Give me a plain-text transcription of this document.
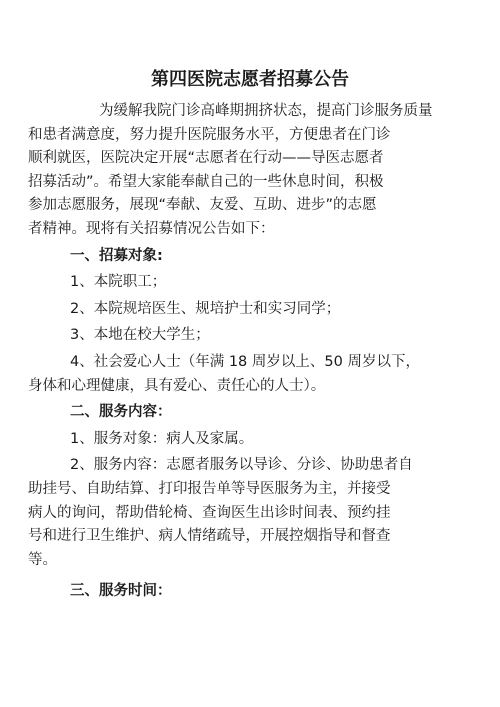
第四医院志愿者招募公告
为缓解我院门诊高峰期拥挤状态，提高门诊服务质量
和患者满意度，努力提升医院服务水平，方便患者在门诊
顺利就医，医院决定开展“志愿者在行动——导医志愿者
招募活动”。希望大家能奉献自己的一些休息时间，积极
参加志愿服务，展现“奉献、友爱、互助、进步”的志愿
者精神。现将有关招募情况公告如下：
一、招募对象:
1、本院职工；
2、本院规培医生、规培护士和实习同学；
3、本地在校大学生；
4、社会爱心人士（年满 18 周岁以上、50 周岁以下，
身体和心理健康，具有爱心、责任心的人士）。
二、服务内容：
1、服务对象：病人及家属。
2、服务内容：志愿者服务以导诊、分诊、协助患者自
助挂号、自助结算、打印报告单等导医服务为主，并接受
病人的询问，帮助借轮椅、查询医生出诊时间表、预约挂
号和进行卫生维护、病人情绪疏导，开展控烟指导和督查
等。
三、服务时间：
